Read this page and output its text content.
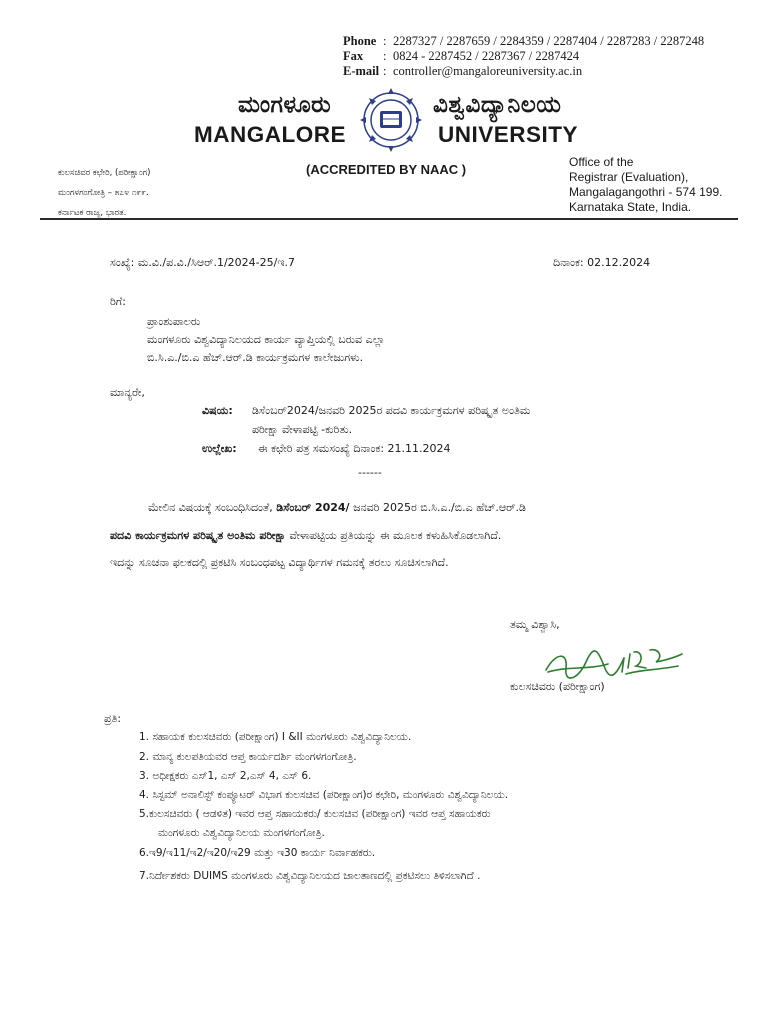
Phone : 2287327 / 2287659 / 2284359 / 2287404 / 2287283 / 2287248
Fax	: 0824 - 2287452 / 2287367 / 2287424
E-mail : controller@mangaloreuniversity.ac.in
ಮಂಗಳೂರು	ವಿಶ್ವವಿದ್ಯಾನಿಲಯ
MANGALORE	UNIVERSITY
(ACCREDITED BY NAAC )
ಕುಲಸಚಿವರ ಕಛೇರಿ, (ಪರೀಕ್ಷಾಂಗ)
ಮಂಗಳಗಂಗೋತ್ರಿ – ೫೭೪ ೧೯೯.
ಕರ್ನಾಟಕ ರಾಜ್ಯ, ಭಾರತ.
Office of the
Registrar (Evaluation),
Mangalagangothri - 574 199.
Karnataka State, India.
ಸಂಖ್ಯೆ: ಮ.ವಿ./ಪ.ವಿ./ಸಿಆರ್.1/2024-25/ಇ.7	ದಿನಾಂಕ: 02.12.2024
ರಿಗೆ:
ಪ್ರಾಂಶುಪಾಲರು
ಮಂಗಳೂರು ವಿಶ್ವವಿದ್ಯಾನಿಲಯದ ಕಾರ್ಯ ವ್ಯಾಪ್ತಿಯಲ್ಲಿ ಬರುವ ಎಲ್ಲಾ
ಬಿ.ಸಿ.ಎ./ಬಿ.ಎ ಹೆಚ್.ಆರ್.ಡಿ ಕಾರ್ಯಕ್ರಮಗಳ ಕಾಲೇಜುಗಳು.
ಮಾನ್ಯರೇ,
ವಿಷಯ: ಡಿಸೆಂಬರ್2024/ಜನವರಿ 2025ರ ಪದವಿ ಕಾರ್ಯಕ್ರಮಗಳ ಪರಿಷ್ಕೃತ ಅಂತಿಮ
ಪರೀಕ್ಷಾ ವೇಳಾಪಟ್ಟಿ -ಕುರಿತು.
ಉಲ್ಲೇಖ: ಈ ಕಛೇರಿ ಪತ್ರ ಸಮಸಂಖ್ಯೆ ದಿನಾಂಕ: 21.11.2024
------
ಮೇಲಿನ ವಿಷಯಕ್ಕೆ ಸಂಬಂಧಿಸಿದಂತೆ, ಡಿಸೆಂಬರ್ 2024/ ಜನವರಿ 2025ರ ಬಿ.ಸಿ.ಎ./ಬಿ.ಎ ಹೆಚ್.ಆರ್.ಡಿ
ಪದವಿ ಕಾರ್ಯಕ್ರಮಗಳ ಪರಿಷ್ಕೃತ ಅಂತಿಮ ಪರೀಕ್ಷಾ ವೇಳಾಪಟ್ಟಿಯ ಪ್ರತಿಯನ್ನು ಈ ಮೂಲಕ ಕಳುಹಿಸಿಕೊಡಲಾಗಿದೆ.
ಇದನ್ನು ಸೂಚನಾ ಫಲಕದಲ್ಲಿ ಪ್ರಕಟಿಸಿ ಸಂಬಂಧಪಟ್ಟ ವಿದ್ಯಾರ್ಥಿಗಳ ಗಮನಕ್ಕೆ ತರಲು ಸೂಚಿಸಲಾಗಿದೆ.
ತಮ್ಮ ವಿಶ್ವಾಸಿ,
ಕುಲಸಚಿವರು (ಪರೀಕ್ಷಾಂಗ)
ಪ್ರತಿ:
1. ಸಹಾಯಕ ಕುಲಸಚಿವರು (ಪರೀಕ್ಷಾಂಗ) I &II ಮಂಗಳೂರು ವಿಶ್ವವಿದ್ಯಾನಿಲಯ.
2. ಮಾನ್ಯ ಕುಲಪತಿಯವರ ಆಪ್ತ ಕಾರ್ಯದರ್ಶಿ ಮಂಗಳಗಂಗೋತ್ರಿ.
3. ಅಧೀಕ್ಷಕರು ಎಸ್1, ಎಸ್ 2,ಎಸ್ 4, ಎಸ್ 6.
4. ಸಿಸ್ಟಮ್ ಅನಾಲಿಸ್ಟ್ ಕಂಪ್ಯೂಟರ್ ವಿಭಾಗ ಕುಲಸಚಿವ (ಪರೀಕ್ಷಾಂಗ)ರ ಕಛೇರಿ, ಮಂಗಳೂರು ವಿಶ್ವವಿದ್ಯಾನಿಲಯ.
5.ಕುಲಸಚಿವರು ( ಆಡಳಿತ) ಇವರ ಆಪ್ತ ಸಹಾಯಕರು/ ಕುಲಸಚಿವ (ಪರೀಕ್ಷಾಂಗ) ಇವರ ಆಪ್ತ ಸಹಾಯಕರು
ಮಂಗಳೂರು ವಿಶ್ವವಿದ್ಯಾನಿಲಯ ಮಂಗಳಗಂಗೋತ್ರಿ.
6.ಇ9/ಇ11/ಇ2/ಇ20/ಇ29 ಮತ್ತು ಇ30 ಕಾರ್ಯ ನಿರ್ವಾಹಕರು.
7.ನಿರ್ದೇಶಕರು DUIMS ಮಂಗಳೂರು ವಿಶ್ವವಿದ್ಯಾನಿಲಯದ ಜಾಲತಾಣದಲ್ಲಿ ಪ್ರಕಟಿಸಲು ತಿಳಿಸಲಾಗಿದೆ .
